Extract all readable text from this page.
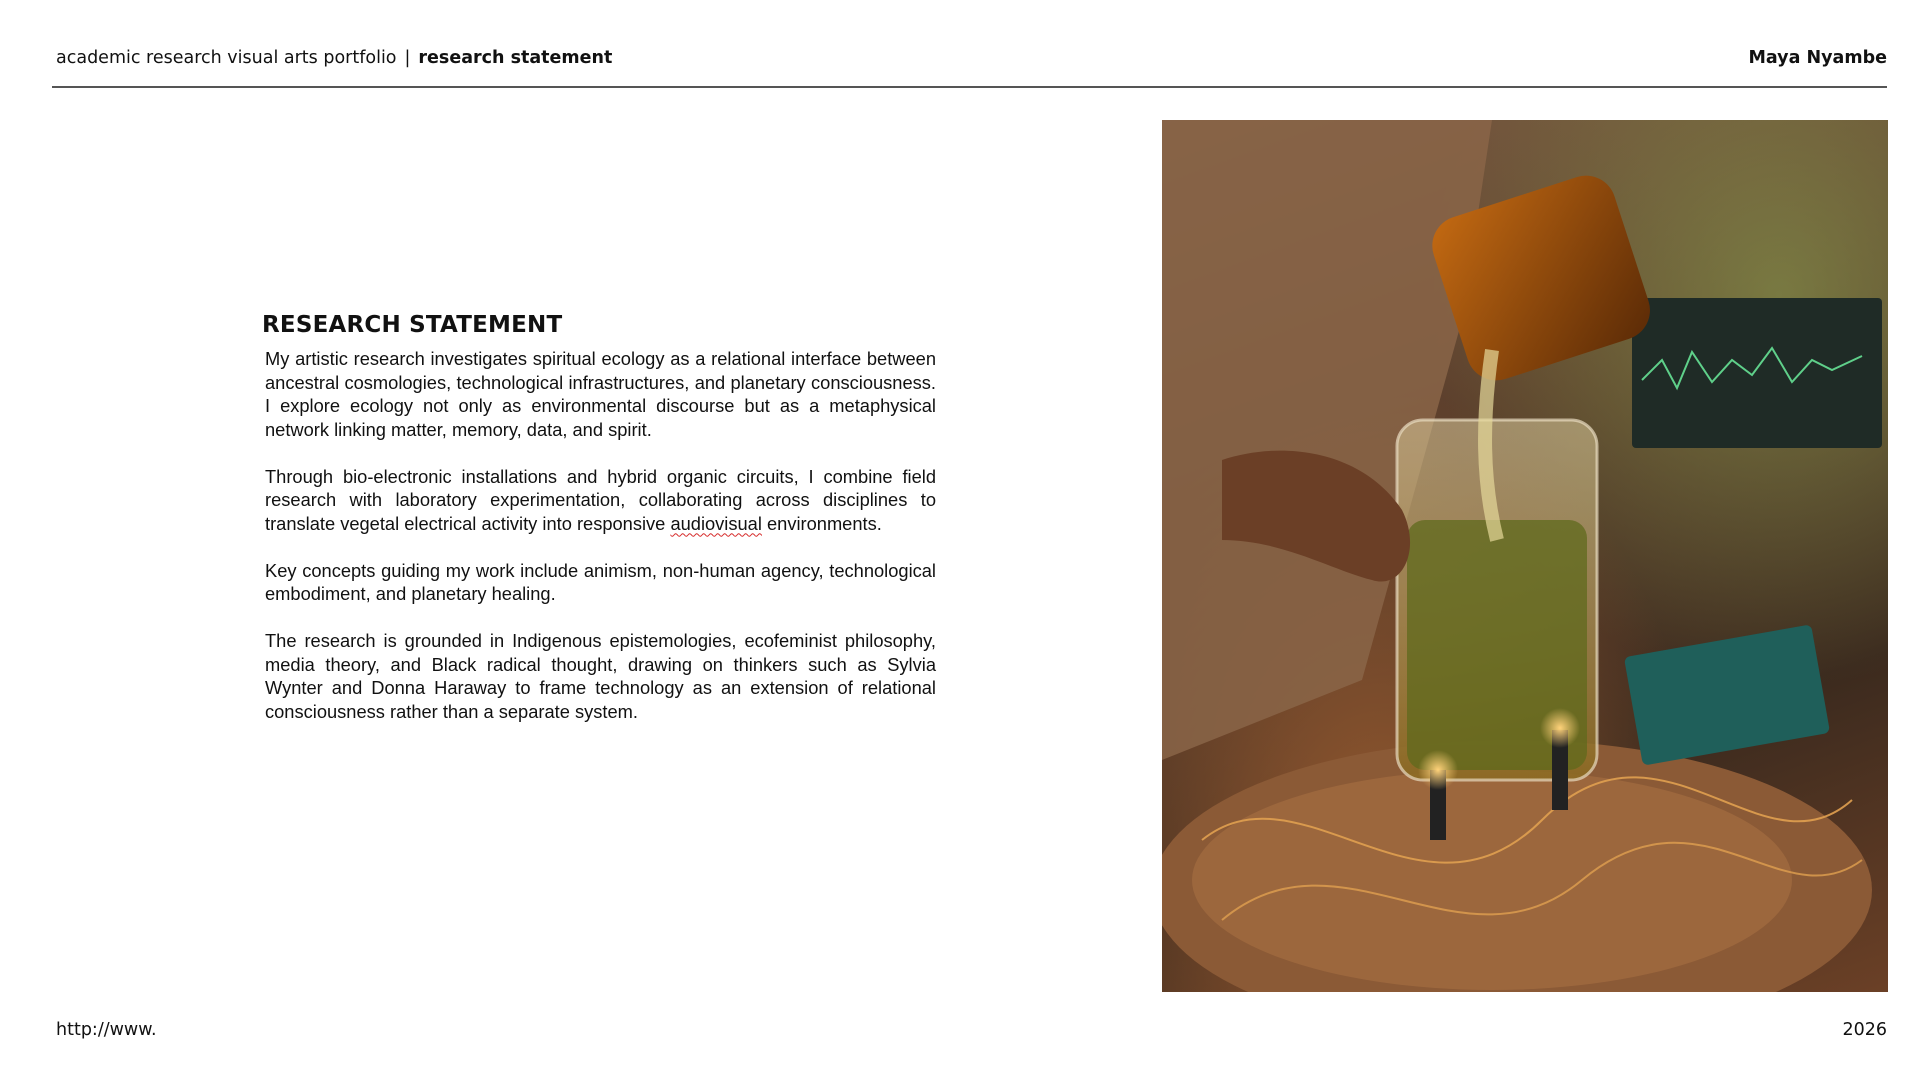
academic research visual arts portfolio | research statement	Maya Nyambe
RESEARCH STATEMENT

My artistic research investigates spiritual ecology as a relational interface between ancestral cosmologies, technological infrastructures, and planetary consciousness. I explore ecology not only as environmental discourse but as a metaphysical network linking matter, memory, data, and spirit.

Through bio-electronic installations and hybrid organic circuits, I combine field research with laboratory experimentation, collaborating across disciplines to translate vegetal electrical activity into responsive audiovisual environments.

Key concepts guiding my work include animism, non-human agency, technological embodiment, and planetary healing.

The research is grounded in Indigenous epistemologies, ecofeminist philosophy, media theory, and Black radical thought, drawing on thinkers such as Sylvia Wynter and Donna Haraway to frame technology as an extension of relational consciousness rather than a separate system.

http://www.	2026
